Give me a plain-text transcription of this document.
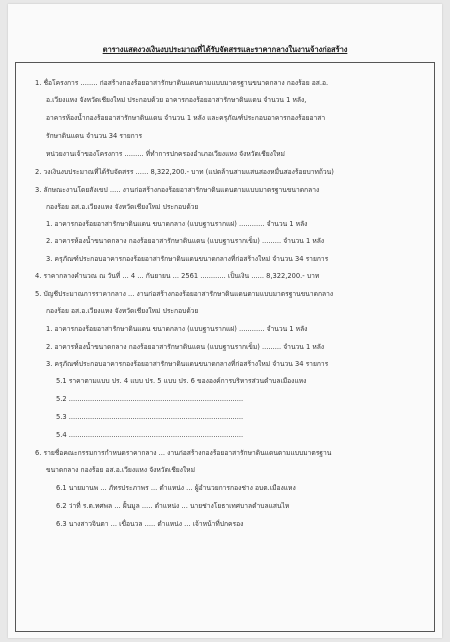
ตารางแสดงวงเงินงบประมาณที่ได้รับจัดสรรและราคากลางในงานจ้างก่อสร้าง
1. ชื่อโครงการ ........ ก่อสร้างกองร้อยอาสารักษาดินแดนตามแบบมาตรฐานขนาดกลาง กองร้อย อส.อ.
อ.เวียงแหง จังหวัดเชียงใหม่ ประกอบด้วย อาคารกองร้อยอาสารักษาดินแดน จำนวน 1 หลัง,
อาคารห้องน้ำกองร้อยอาสารักษาดินแดน จำนวน 1 หลัง และครุภัณฑ์ประกอบอาคารกองร้อยอาสา
รักษาดินแดน จำนวน 34 รายการ
หน่วยงานเจ้าของโครงการ ......... ที่ทำการปกครองอำเภอเวียงแหง จังหวัดเชียงใหม่
2. วงเงินงบประมาณที่ได้รับจัดสรร ...... 8,322,200.- บาท (แปดล้านสามแสนสองหมื่นสองร้อยบาทถ้วน)
3. ลักษณะงานโดยสังเขป ..... งานก่อสร้างกองร้อยอาสารักษาดินแดนตามแบบมาตรฐานขนาดกลาง
กองร้อย อส.อ.เวียงแหง จังหวัดเชียงใหม่ ประกอบด้วย
1. อาคารกองร้อยอาสารักษาดินแดน ขนาดกลาง (แบบฐานรากแผ่) ............ จำนวน 1 หลัง
2. อาคารห้องน้ำขนาดกลาง กองร้อยอาสารักษาดินแดน (แบบฐานรากเข็ม) ......... จำนวน 1 หลัง
3. ครุภัณฑ์ประกอบอาคารกองร้อยอาสารักษาดินแดนขนาดกลางที่ก่อสร้างใหม่ จำนวน 34 รายการ
4. ราคากลางคำนวณ ณ วันที่ ... 4 ... กันยายน ... 2561 ............ เป็นเงิน ...... 8,322,200.- บาท
5. บัญชีประมาณการราคากลาง ... งานก่อสร้างกองร้อยอาสารักษาดินแดนตามแบบมาตรฐานขนาดกลาง
กองร้อย อส.อ.เวียงแหง จังหวัดเชียงใหม่ ประกอบด้วย
1. อาคารกองร้อยอาสารักษาดินแดน ขนาดกลาง (แบบฐานรากแผ่) ............ จำนวน 1 หลัง
2. อาคารห้องน้ำขนาดกลาง กองร้อยอาสารักษาดินแดน (แบบฐานรากเข็ม) ......... จำนวน 1 หลัง
3. ครุภัณฑ์ประกอบอาคารกองร้อยอาสารักษาดินแดนขนาดกลางที่ก่อสร้างใหม่ จำนวน 34 รายการ
5.1 ราคาตามแบบ ปร. 4 แบบ ปร. 5 แบบ ปร. 6 ขององค์การบริหารส่วนตำบลเมืองแหง
5.2 ..................................................................................
5.3 ..................................................................................
5.4 ..................................................................................
6. รายชื่อคณะกรรมการกำหนดราคากลาง ... งานก่อสร้างกองร้อยอาสารักษาดินแดนตามแบบมาตรฐาน
ขนาดกลาง กองร้อย อส.อ.เวียงแหง จังหวัดเชียงใหม่
6.1 นายมานพ ... ภัทรประภาพร ... ตำแหน่ง ... ผู้อำนวยการกองช่าง อบต.เมืองแหง
6.2 ว่าที่ ร.ต.ทศพล ... ฝั้นมูล ..... ตำแหน่ง ... นายช่างโยธาเทศบาลตำบลแสนไห
6.3 นางสาวจินตา ... เขื่อนวล ..... ตำแหน่ง ... เจ้าหน้าที่ปกครอง
